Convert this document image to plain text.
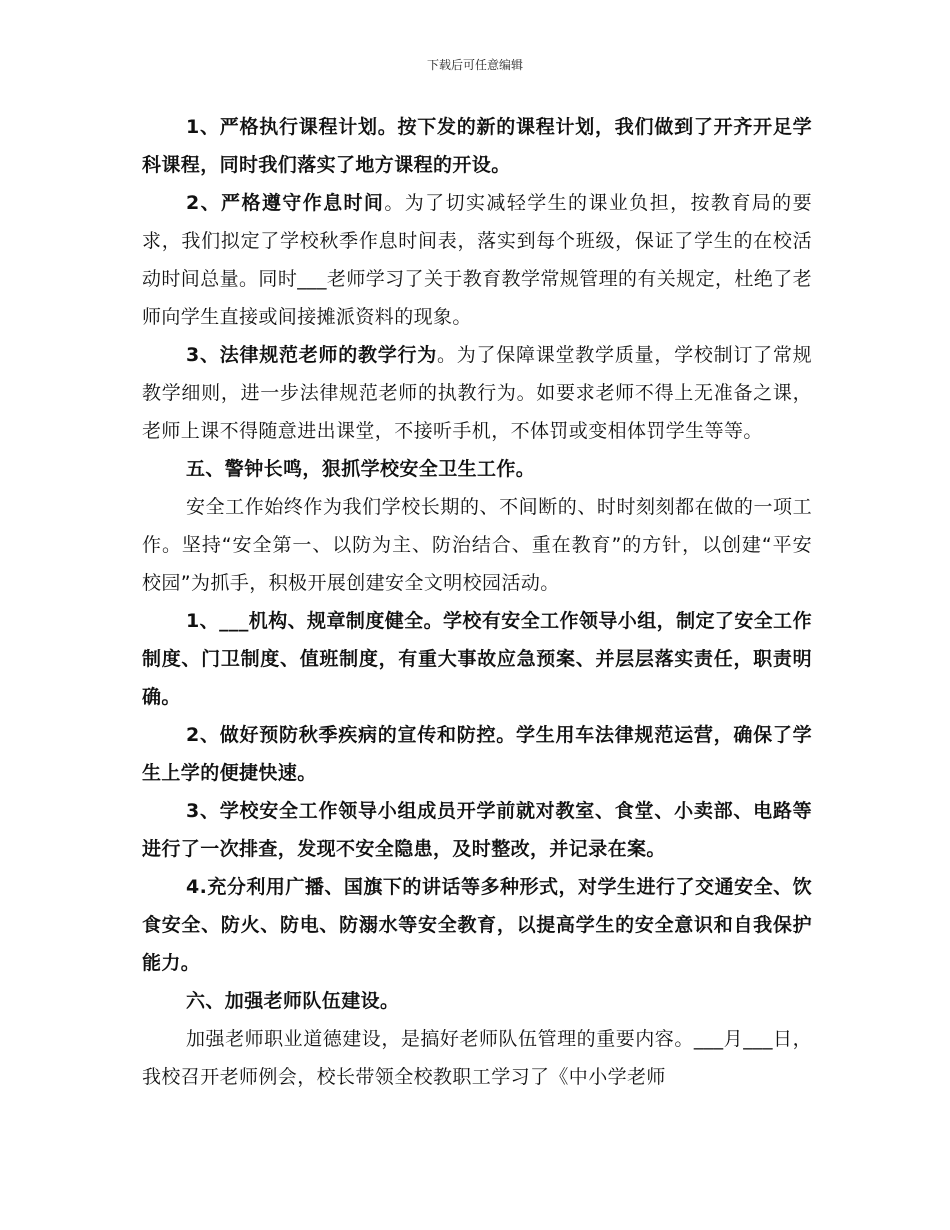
下载后可任意编辑

1、严格执行课程计划。按下发的新的课程计划，我们做到了开齐开足学科课程，同时我们落实了地方课程的开设。

2、严格遵守作息时间。为了切实减轻学生的课业负担，按教育局的要求，我们拟定了学校秋季作息时间表，落实到每个班级，保证了学生的在校活动时间总量。同时___老师学习了关于教育教学常规管理的有关规定，杜绝了老师向学生直接或间接摊派资料的现象。

3、法律规范老师的教学行为。为了保障课堂教学质量，学校制订了常规教学细则，进一步法律规范老师的执教行为。如要求老师不得上无准备之课，老师上课不得随意进出课堂，不接听手机，不体罚或变相体罚学生等等。

五、警钟长鸣，狠抓学校安全卫生工作。

安全工作始终作为我们学校长期的、不间断的、时时刻刻都在做的一项工作。坚持“安全第一、以防为主、防治结合、重在教育”的方针，以创建“平安校园”为抓手，积极开展创建安全文明校园活动。

1、___机构、规章制度健全。学校有安全工作领导小组，制定了安全工作制度、门卫制度、值班制度，有重大事故应急预案、并层层落实责任，职责明确。

2、做好预防秋季疾病的宣传和防控。学生用车法律规范运营，确保了学生上学的便捷快速。

3、学校安全工作领导小组成员开学前就对教室、食堂、小卖部、电路等进行了一次排查，发现不安全隐患，及时整改，并记录在案。

4.充分利用广播、国旗下的讲话等多种形式，对学生进行了交通安全、饮食安全、防火、防电、防溺水等安全教育，以提高学生的安全意识和自我保护能力。

六、加强老师队伍建设。

加强老师职业道德建设，是搞好老师队伍管理的重要内容。___月___日，我校召开老师例会，校长带领全校教职工学习了《中小学老师
